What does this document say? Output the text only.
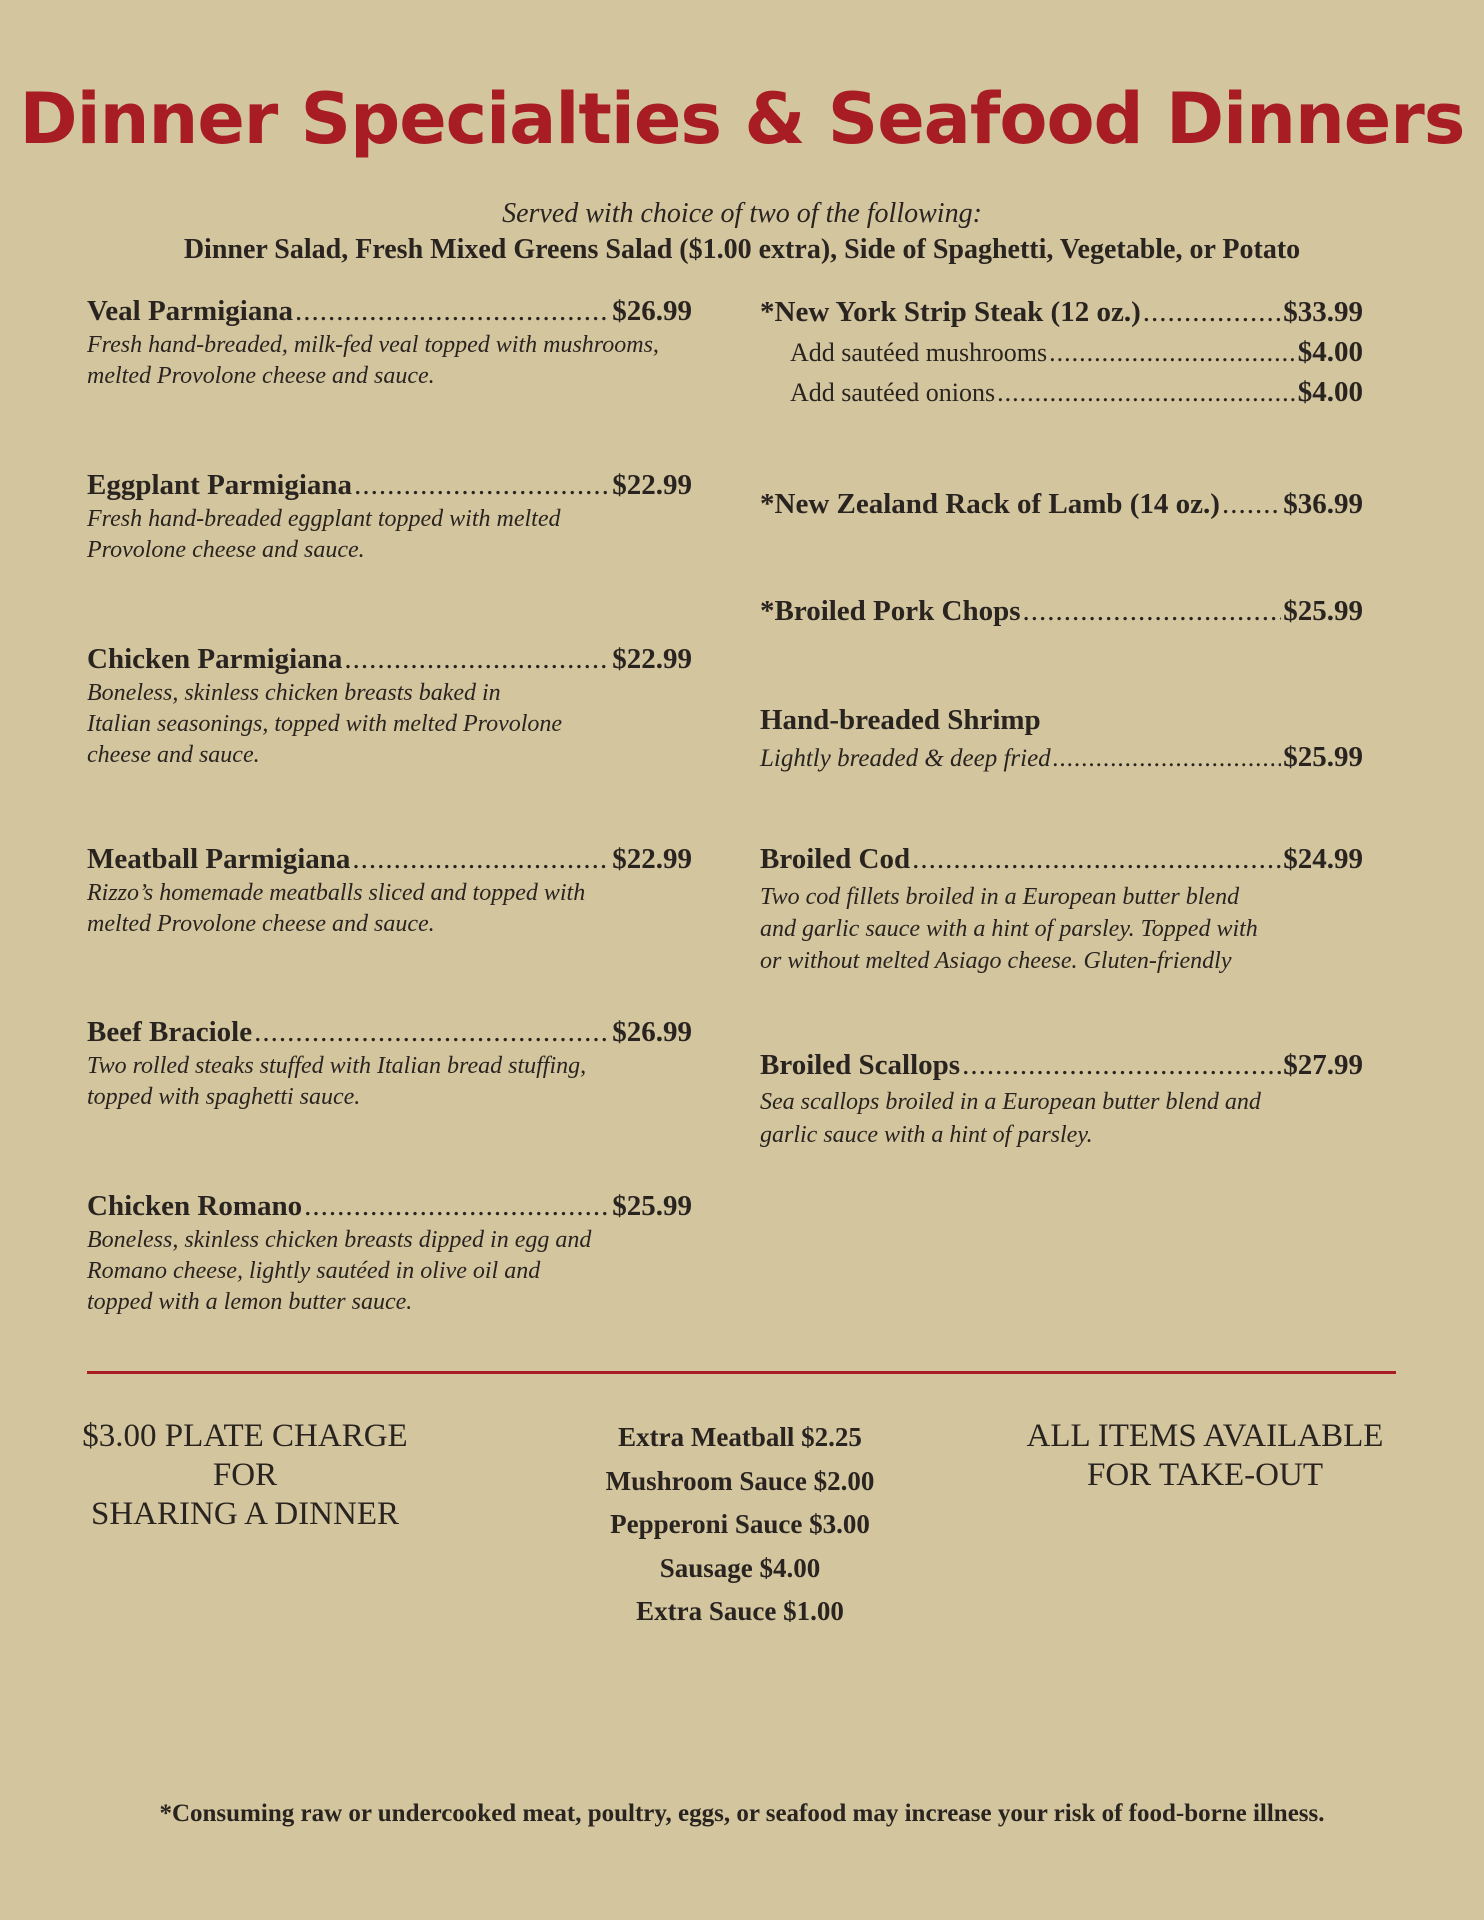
Dinner Specialties & Seafood Dinners
Served with choice of two of the following:
Dinner Salad, Fresh Mixed Greens Salad ($1.00 extra), Side of Spaghetti, Vegetable, or Potato
Veal Parmigiana .....	$26.99
Fresh hand-breaded, milk-fed veal topped with mushrooms,
melted Provolone cheese and sauce.
Eggplant Parmigiana .....	$22.99
Fresh hand-breaded eggplant topped with melted
Provolone cheese and sauce.
Chicken Parmigiana .....	$22.99
Boneless, skinless chicken breasts baked in
Italian seasonings, topped with melted Provolone
cheese and sauce.
Meatball Parmigiana .....	$22.99
Rizzo’s homemade meatballs sliced and topped with
melted Provolone cheese and sauce.
Beef Braciole .....	$26.99
Two rolled steaks stuffed with Italian bread stuffing,
topped with spaghetti sauce.
Chicken Romano .....	$25.99
Boneless, skinless chicken breasts dipped in egg and
Romano cheese, lightly sautéed in olive oil and
topped with a lemon butter sauce.
*New York Strip Steak (12 oz.) .....	$33.99
Add sautéed mushrooms .....	$4.00
Add sautéed onions .....	$4.00
*New Zealand Rack of Lamb (14 oz.) ..... $36.99
*Broiled Pork Chops .....	$25.99
Hand-breaded Shrimp
Lightly breaded & deep fried .....	$25.99
Broiled Cod .....	$24.99
Two cod fillets broiled in a European butter blend
and garlic sauce with a hint of parsley. Topped with
or without melted Asiago cheese. Gluten-friendly
Broiled Scallops .....	$27.99
Sea scallops broiled in a European butter blend and
garlic sauce with a hint of parsley.
$3.00 PLATE CHARGE FOR
SHARING A DINNER
Extra Meatball $2.25
Mushroom Sauce $2.00
Pepperoni Sauce $3.00
Sausage $4.00
Extra Sauce $1.00
ALL ITEMS AVAILABLE
FOR TAKE-OUT
*Consuming raw or undercooked meat, poultry, eggs, or seafood may increase your risk of food-borne illness.
